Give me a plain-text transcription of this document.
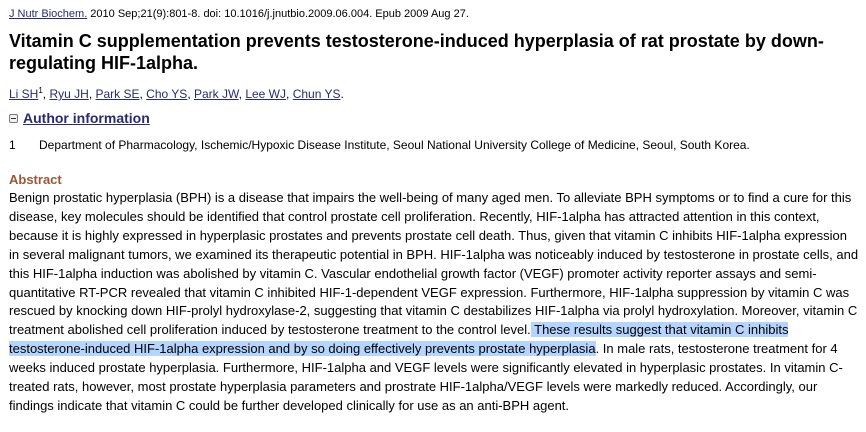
J Nutr Biochem. 2010 Sep;21(9):801-8. doi: 10.1016/j.jnutbio.2009.06.004. Epub 2009 Aug 27.
Vitamin C supplementation prevents testosterone-induced hyperplasia of rat prostate by down-regulating HIF-1alpha.
Li $SH^1$, Ryu JH, Park SE, Cho YS, Park JW, Lee WJ, Chun YS.
Author information
1	Department of Pharmacology, Ischemic/Hypoxic Disease Institute, Seoul National University College of Medicine, Seoul, South Korea.
Abstract
Benign prostatic hyperplasia (BPH) is a disease that impairs the well-being of many aged men. To alleviate BPH symptoms or to find a cure for this disease, key molecules should be identified that control prostate cell proliferation. Recently, HIF-1alpha has attracted attention in this context, because it is highly expressed in hyperplasic prostates and prevents prostate cell death. Thus, given that vitamin C inhibits HIF-1alpha expression in several malignant tumors, we examined its therapeutic potential in BPH. HIF-1alpha was noticeably induced by testosterone in prostate cells, and this HIF-1alpha induction was abolished by vitamin C. Vascular endothelial growth factor (VEGF) promoter activity reporter assays and semi-quantitative RT-PCR revealed that vitamin C inhibited HIF-1-dependent VEGF expression. Furthermore, HIF-1alpha suppression by vitamin C was rescued by knocking down HIF-prolyl hydroxylase-2, suggesting that vitamin C destabilizes HIF-1alpha via prolyl hydroxylation. Moreover, vitamin C treatment abolished cell proliferation induced by testosterone treatment to the control level. These results suggest that vitamin C inhibits testosterone-induced HIF-1alpha expression and by so doing effectively prevents prostate hyperplasia. In male rats, testosterone treatment for 4 weeks induced prostate hyperplasia. Furthermore, HIF-1alpha and VEGF levels were significantly elevated in hyperplasic prostates. In vitamin C-treated rats, however, most prostate hyperplasia parameters and prostrate HIF-1alpha/VEGF levels were markedly reduced. Accordingly, our findings indicate that vitamin C could be further developed clinically for use as an anti-BPH agent.
